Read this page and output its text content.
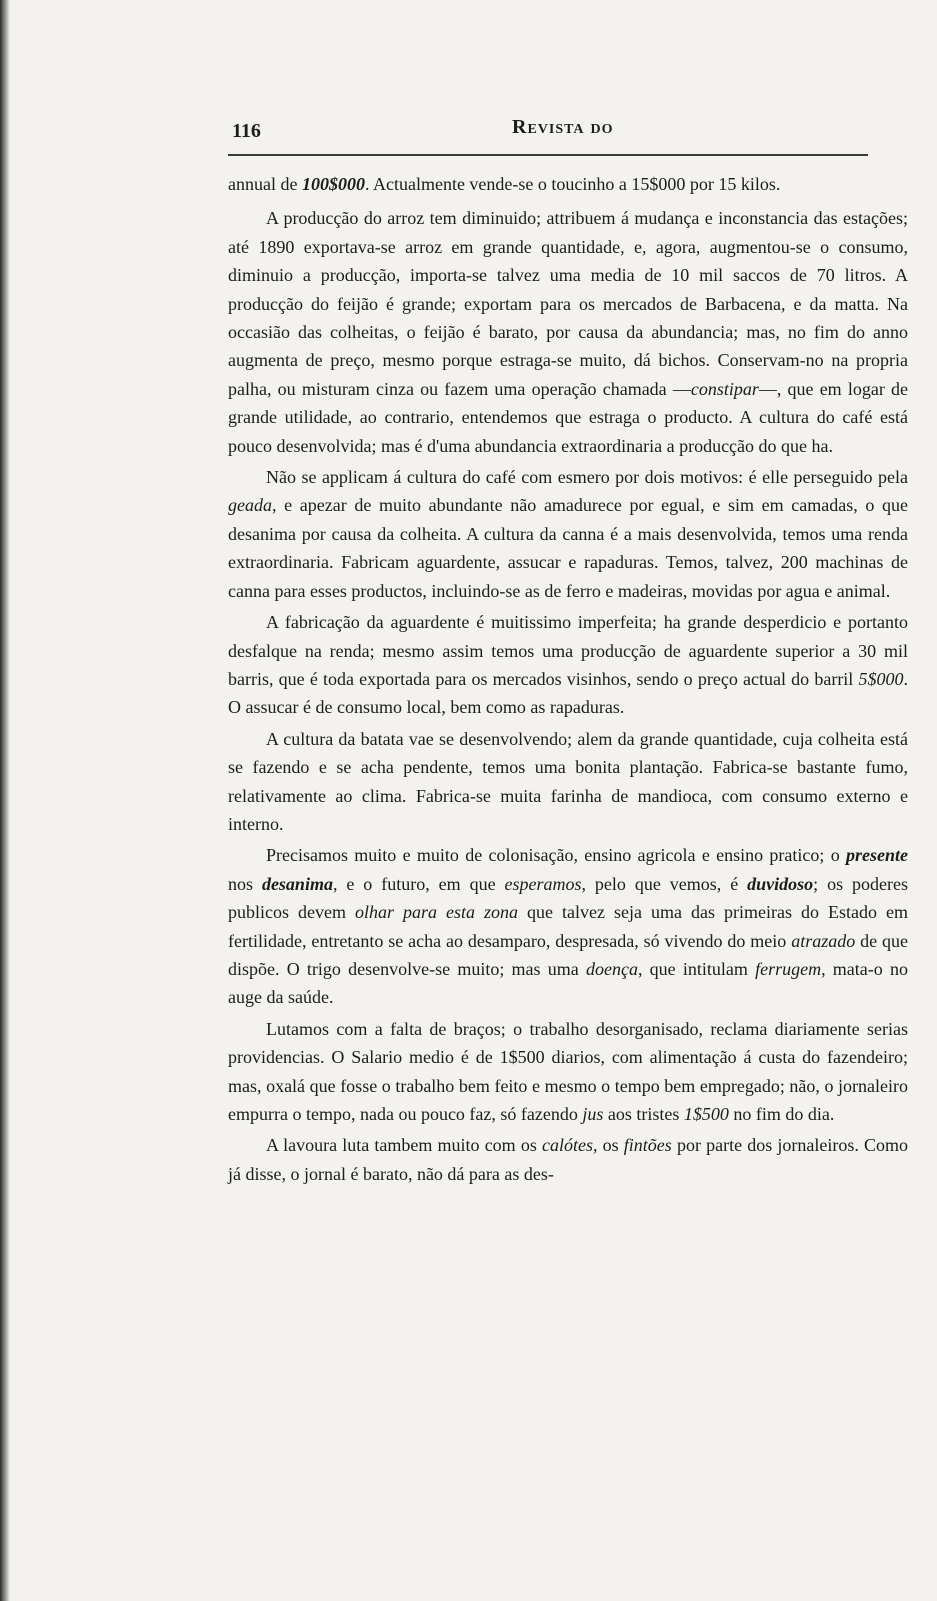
116	Revista do

annual de 100$000. Actualmente vende-se o toucinho a 15$000 por 15 kilos.

A producção do arroz tem diminuido; attribuem á mudança e inconstancia das estações; até 1890 exportava-se arroz em grande quantidade, e, agora, augmentou-se o consumo, diminuio a producção, importa-se talvez uma media de 10 mil saccos de 70 litros. A producção do feijão é grande; exportam para os mercados de Barbacena, e da matta. Na occasião das colheitas, o feijão é barato, por causa da abundancia; mas, no fim do anno augmenta de preço, mesmo porque estraga-se muito, dá bichos. Conservam-no na propria palha, ou misturam cinza ou fazem uma operação chamada —constipar—, que em logar de grande utilidade, ao contrario, entendemos que estraga o producto. A cultura do café está pouco desenvolvida; mas é d'uma abundancia extraordinaria a producção do que ha.

Não se applicam á cultura do café com esmero por dois motivos: é elle perseguido pela geada, e apezar de muito abundante não amadurece por egual, e sim em camadas, o que desanima por causa da colheita. A cultura da canna é a mais desenvolvida, temos uma renda extraordinaria. Fabricam aguardente, assucar e rapaduras. Temos, talvez, 200 machinas de canna para esses productos, incluindo-se as de ferro e madeiras, movidas por agua e animal.

A fabricação da aguardente é muitissimo imperfeita; ha grande desperdicio e portanto desfalque na renda; mesmo assim temos uma producção de aguardente superior a 30 mil barris, que é toda exportada para os mercados visinhos, sendo o preço actual do barril 5$000. O assucar é de consumo local, bem como as rapaduras.

A cultura da batata vae se desenvolvendo; alem da grande quantidade, cuja colheita está se fazendo e se acha pendente, temos uma bonita plantação. Fabrica-se bastante fumo, relativamente ao clima. Fabrica-se muita farinha de mandioca, com consumo externo e interno.

Precisamos muito e muito de colonisação, ensino agricola e ensino pratico; o presente nos desanima, e o futuro, em que esperamos, pelo que vemos, é duvidoso; os poderes publicos devem olhar para esta zona que talvez seja uma das primeiras do Estado em fertilidade, entretanto se acha ao desamparo, despresada, só vivendo do meio atrazado de que dispõe. O trigo desenvolve-se muito; mas uma doença, que intitulam ferrugem, mata-o no auge da saúde.

Lutamos com a falta de braços; o trabalho desorganisado, reclama diariamente serias providencias. O Salario medio é de 1$500 diarios, com alimentação á custa do fazendeiro; mas, oxalá que fosse o trabalho bem feito e mesmo o tempo bem empregado; não, o jornaleiro empurra o tempo, nada ou pouco faz, só fazendo jus aos tristes 1$500 no fim do dia.

A lavoura luta tambem muito com os calótes, os fintões por parte dos jornaleiros. Como já disse, o jornal é barato, não dá para as des-
